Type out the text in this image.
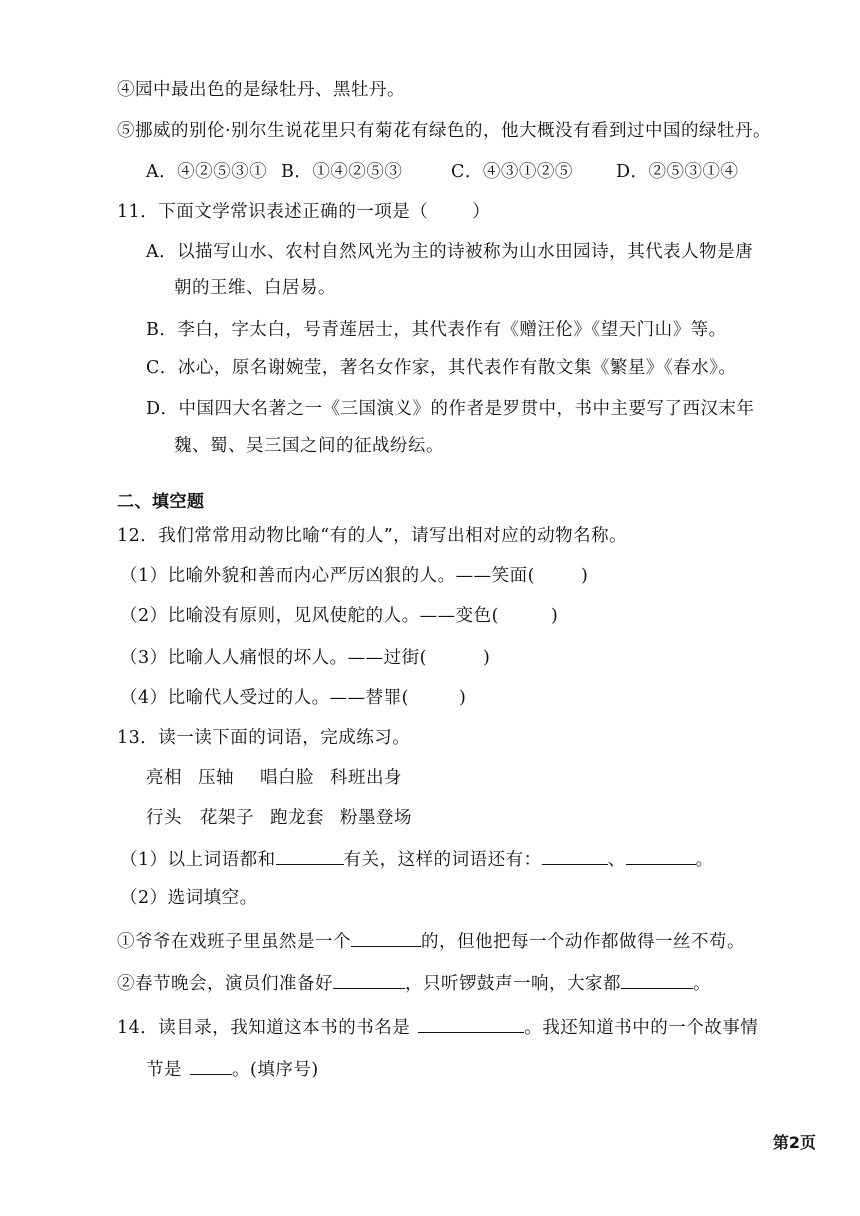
④园中最出色的是绿牡丹、黑牡丹。
⑤挪威的别伦·别尔生说花里只有菊花有绿色的，他大概没有看到过中国的绿牡丹。
A．④②⑤③① B．①④②⑤③	C．④③①②⑤ D．②⑤③①④
11．下面文学常识表述正确的一项是（	）
A．以描写山水、农村自然风光为主的诗被称为山水田园诗，其代表人物是唐
朝的王维、白居易。
B．李白，字太白，号青莲居士，其代表作有《赠汪伦》《望天门山》等。
C．冰心，原名谢婉莹，著名女作家，其代表作有散文集《繁星》《春水》。
D．中国四大名著之一《三国演义》的作者是罗贯中，书中主要写了西汉末年
魏、蜀、吴三国之间的征战纷纭。
二、填空题
12．我们常常用动物比喻“有的人”，请写出相对应的动物名称。
（1）比喻外貌和善而内心严厉凶狠的人。——笑面(	)
（2）比喻没有原则，见风使舵的人。——变色(	)
（3）比喻人人痛恨的坏人。——过街(	)
（4）比喻代人受过的人。——替罪(	)
13．读一读下面的词语，完成练习。
亮相 压轴 唱白脸 科班出身
行头 花架子 跑龙套 粉墨登场
（1）以上词语都和	有关，这样的词语还有：	、	。
（2）选词填空。
①爷爷在戏班子里虽然是一个	的，但他把每一个动作都做得一丝不苟。
②春节晚会，演员们准备好	，只听锣鼓声一响，大家都	。
14．读目录，我知道这本书的书名是	。我还知道书中的一个故事情
节是	。(填序号)
第2页
